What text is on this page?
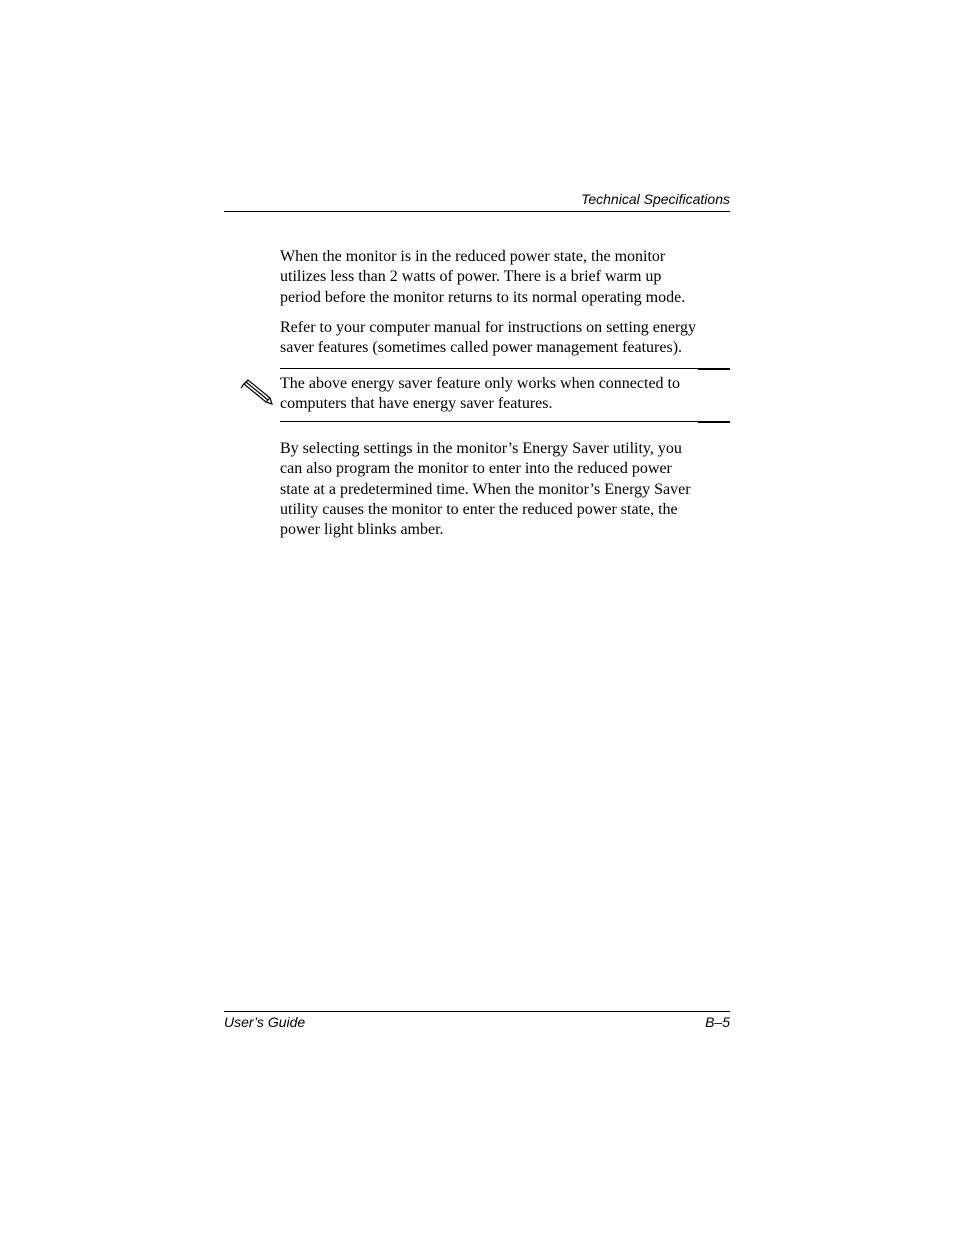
Technical Specifications

When the monitor is in the reduced power state, the monitor
utilizes less than 2 watts of power. There is a brief warm up
period before the monitor returns to its normal operating mode.

Refer to your computer manual for instructions on setting energy
saver features (sometimes called power management features).

The above energy saver feature only works when connected to
computers that have energy saver features.

By selecting settings in the monitor’s Energy Saver utility, you
can also program the monitor to enter into the reduced power
state at a predetermined time. When the monitor’s Energy Saver
utility causes the monitor to enter the reduced power state, the
power light blinks amber.

User’s Guide	B–5
